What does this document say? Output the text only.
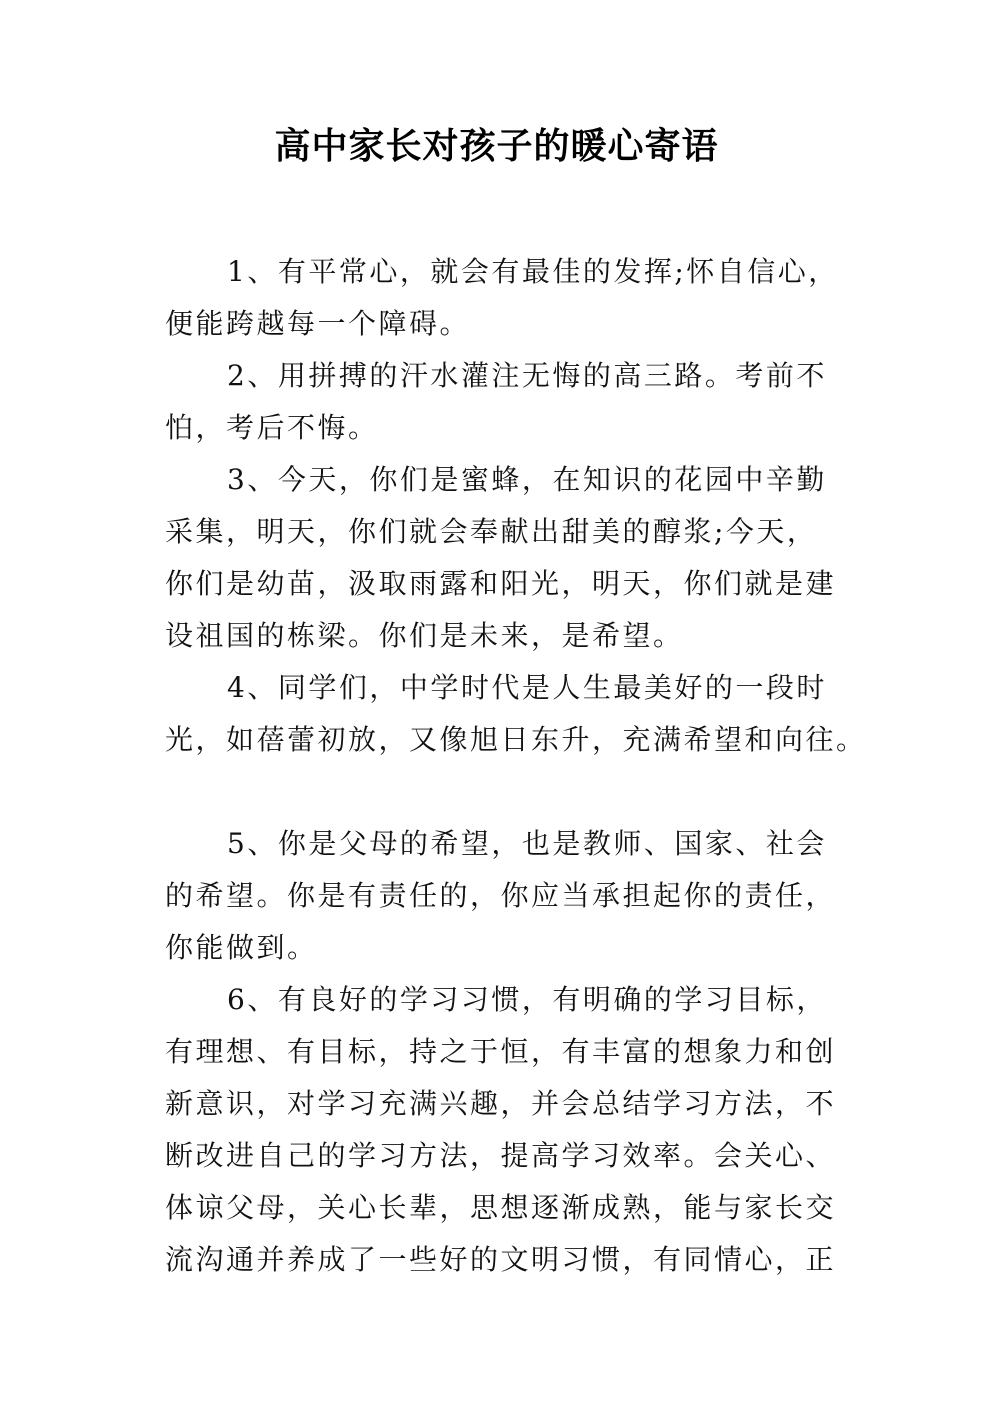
高中家长对孩子的暖心寄语
1、有平常心，就会有最佳的发挥;怀自信心，
便能跨越每一个障碍。
2、用拼搏的汗水灌注无悔的高三路。考前不
怕，考后不悔。
3、今天，你们是蜜蜂，在知识的花园中辛勤
采集，明天，你们就会奉献出甜美的醇浆;今天，
你们是幼苗，汲取雨露和阳光，明天，你们就是建
设祖国的栋梁。你们是未来，是希望。
4、同学们，中学时代是人生最美好的一段时
光，如蓓蕾初放，又像旭日东升，充满希望和向往。
5、你是父母的希望，也是教师、国家、社会
的希望。你是有责任的，你应当承担起你的责任，
你能做到。
6、有良好的学习习惯，有明确的学习目标，
有理想、有目标，持之于恒，有丰富的想象力和创
新意识，对学习充满兴趣，并会总结学习方法，不
断改进自己的学习方法，提高学习效率。会关心、
体谅父母，关心长辈，思想逐渐成熟，能与家长交
流沟通并养成了一些好的文明习惯，有同情心，正
